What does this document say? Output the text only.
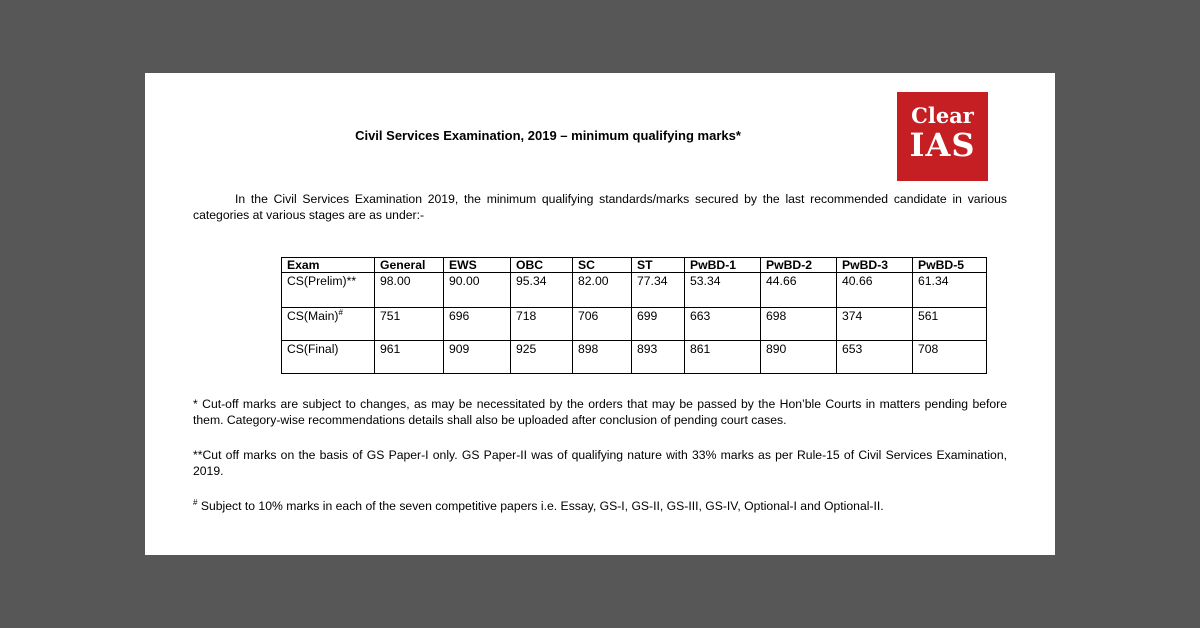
Clear
IAS
Civil Services Examination, 2019 – minimum qualifying marks*
In the Civil Services Examination 2019, the minimum qualifying standards/marks secured by the last recommended candidate in various categories at various stages are as under:-
Exam	General	EWS	OBC	SC	ST	PwBD-1	PwBD-2	PwBD-3	PwBD-5
CS(Prelim)**	98.00	90.00	95.34	82.00	77.34	53.34	44.66	40.66	61.34
CS(Main)#	751	696	718	706	699	663	698	374	561
CS(Final)	961	909	925	898	893	861	890	653	708
* Cut-off marks are subject to changes, as may be necessitated by the orders that may be passed by the Hon’ble Courts in matters pending before them. Category-wise recommendations details shall also be uploaded after conclusion of pending court cases.
**Cut off marks on the basis of GS Paper-I only. GS Paper-II was of qualifying nature with 33% marks as per Rule-15 of Civil Services Examination, 2019.
# Subject to 10% marks in each of the seven competitive papers i.e. Essay, GS-I, GS-II, GS-III, GS-IV, Optional-I and Optional-II.
